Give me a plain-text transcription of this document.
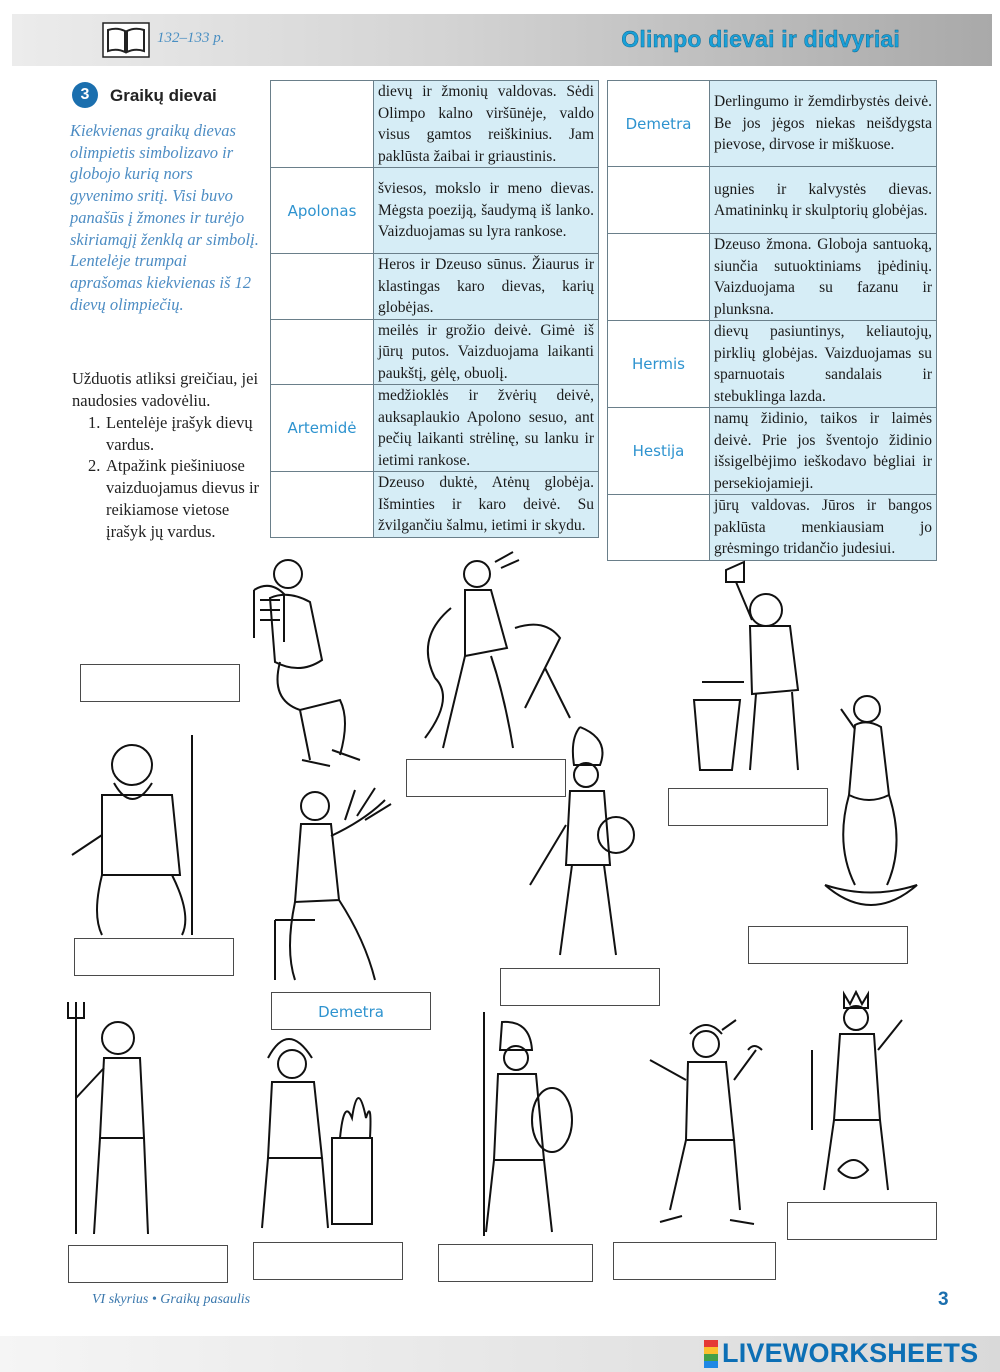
132–133 p.	Olimpo dievai ir didvyriai
3	Graikų dievai
Kiekvienas graikų dievas olimpietis simbolizavo ir globojo kurią nors gyvenimo sritį. Visi buvo panašūs į žmones ir turėjo skiriamąjį ženklą ar simbolį. Lentelėje trumpai aprašomas kiekvienas iš 12 dievų olimpiečių.
Užduotis atliksi greičiau, jei naudosies vadovėliu.
1. Lentelėje įrašyk dievų vardus.
2. Atpažink piešiniuose vaizduojamus dievus ir reikiamose vietose įrašyk jų vardus.
	dievų ir žmonių valdovas. Sėdi Olimpo kalno viršūnėje, valdo visus gamtos reiškinius. Jam paklūsta žaibai ir griaustinis.
Apolonas	šviesos, mokslo ir meno dievas. Mėgsta poeziją, šaudymą iš lanko. Vaizduojamas su lyra rankose.
	Heros ir Dzeuso sūnus. Žiaurus ir klastingas karo dievas, karių globėjas.
	meilės ir grožio deivė. Gimė iš jūrų putos. Vaizduojama laikanti paukštį, gėlę, obuolį.
Artemidė	medžioklės ir žvėrių deivė, auksaplaukio Apolono sesuo, ant pečių laikanti strėlinę, su lanku ir ietimi rankose.
	Dzeuso duktė, Atėnų globėja. Išminties ir karo deivė. Su žvilgančiu šalmu, ietimi ir skydu.
Demetra	Derlingumo ir žemdirbystės deivė. Be jos jėgos niekas neišdygsta pievose, dirvose ir miškuose.
	ugnies ir kalvystės dievas. Amatininkų ir skulptorių globėjas.
	Dzeuso žmona. Globoja santuoką, siunčia sutuoktiniams įpėdinių. Vaizduojama su fazanu ir plunksna.
Hermis	dievų pasiuntinys, keliautojų, pirklių globėjas. Vaizduojamas su sparnuotais sandalais ir stebuklinga lazda.
Hestija	namų židinio, taikos ir laimės deivė. Prie jos šventojo židinio išsigelbėjimo ieškodavo bėgliai ir persekiojamieji.
	jūrų valdovas. Jūros ir bangos paklūsta menkiausiam jo grėsmingo tridančio judesiui.
Demetra
VI skyrius • Graikų pasaulis	3
LIVEWORKSHEETS
